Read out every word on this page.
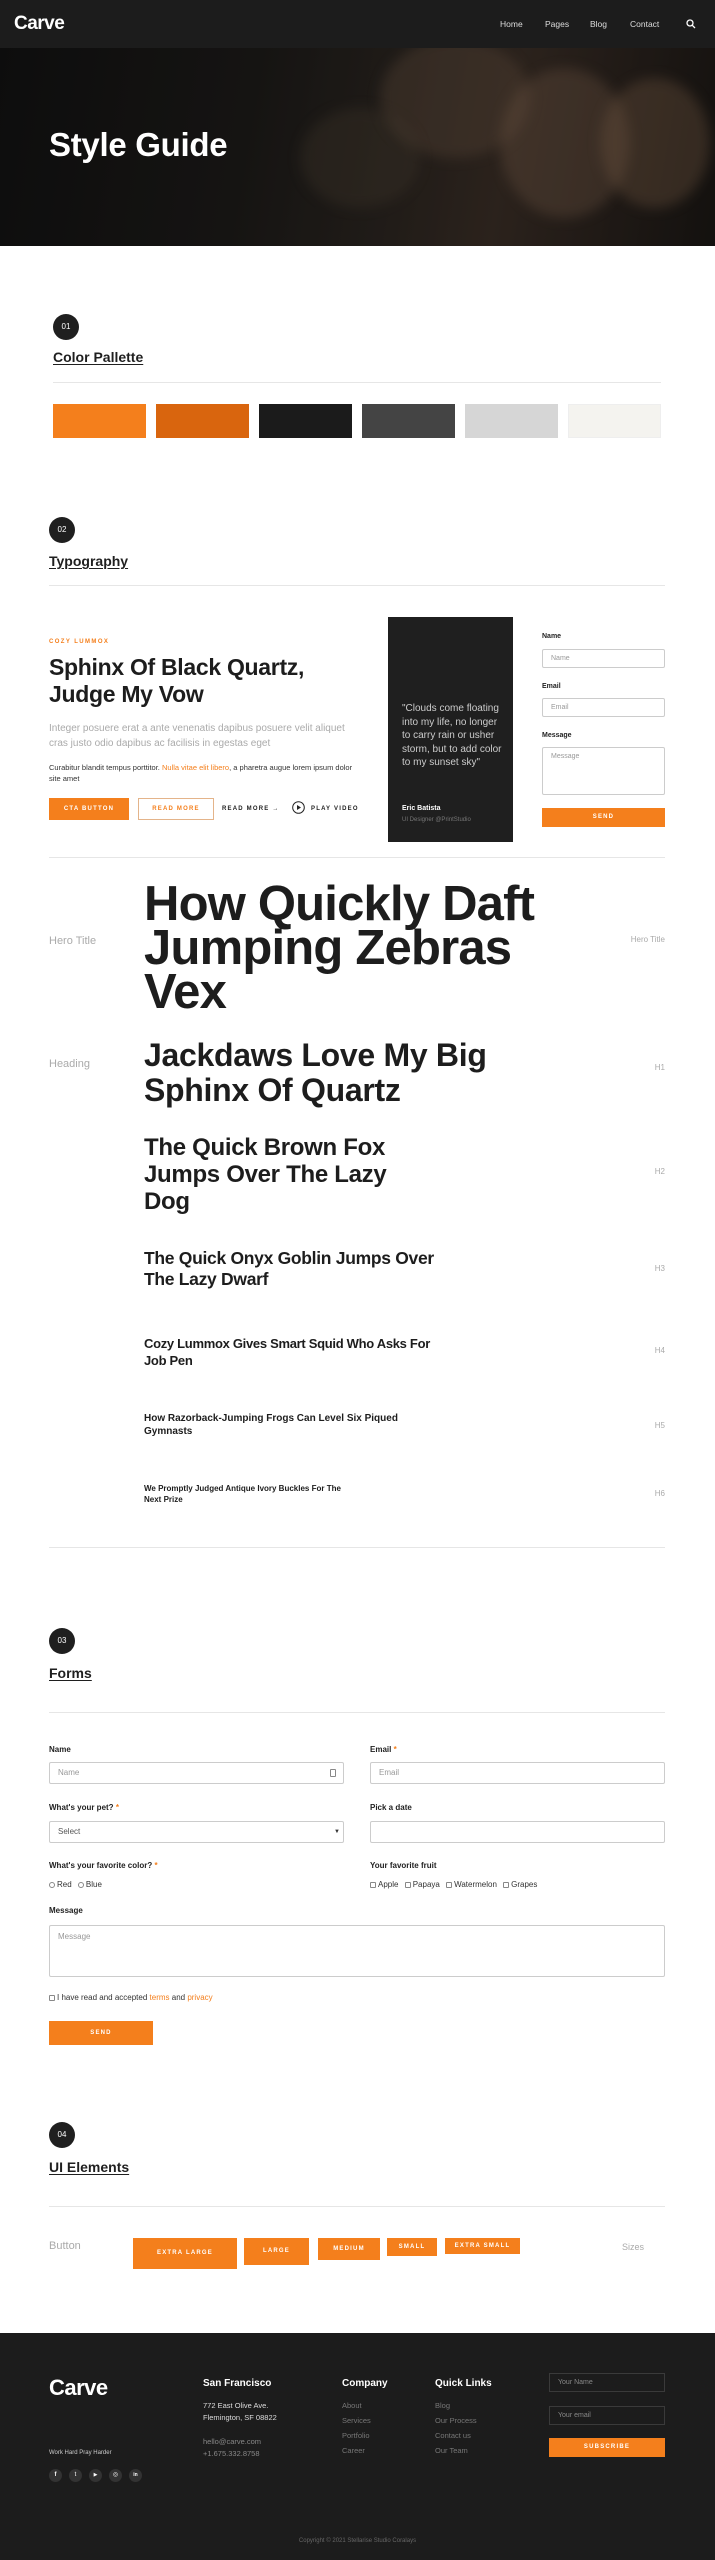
Carve	Home	Pages Blog	Contact
Style Guide
01
Color Pallette
02
Typography
COZY LUMMOX
Sphinx Of Black Quartz, Judge My Vow
Integer posuere erat a ante venenatis dapibus posuere velit aliquet cras justo odio dapibus ac facilisis in egestas eget
Curabitur blandit tempus porttitor. Nulla vitae elit libero, a pharetra augue lorem ipsum dolor site amet
CTA BUTTON	READ MORE	READ MORE →	PLAY VIDEO
"Clouds come floating into my life, no longer to carry rain or usher storm, but to add color to my sunset sky"
Eric Batista
UI Designer @PrintStudio
Name
Name
Email
Email
Message
Message
SEND
Hero Title
How Quickly Daft Jumping Zebras Vex
Hero Title
Heading Jackdaws Love My Big Sphinx Of Quartz
H1
The Quick Brown Fox Jumps Over The Lazy Dog
H2
The Quick Onyx Goblin Jumps Over The Lazy Dwarf
H3
Cozy Lummox Gives Smart Squid Who Asks For Job Pen
H4
How Razorback-Jumping Frogs Can Level Six Piqued Gymnasts
H5
We Promptly Judged Antique Ivory Buckles For The Next Prize
H6
03
Forms
Name
Name
Email *
Email
What's your pet? *
Select	▼
Pick a date
What's your favorite color? *
Red Blue
Your favorite fruit
Apple Papaya Watermelon Grapes
Message
Message
I have read and accepted terms and privacy
SEND
04
UI Elements
Button
EXTRA LARGE	LARGE	MEDIUM	SMALL	EXTRA SMALL	Sizes
Carve
Work Hard Pray Harder
f	t	▶	◎	in
San Francisco
772 East Olive Ave.
Flemington, SF 08822
hello@carve.com
+1.675.332.8758
Company
About
Services
Portfolio
Career
Quick Links
Blog
Our Process
Contact us
Our Team
Your Name
Your email
SUBSCRIBE
Copyright © 2021 Stellarise Studio Coralays
